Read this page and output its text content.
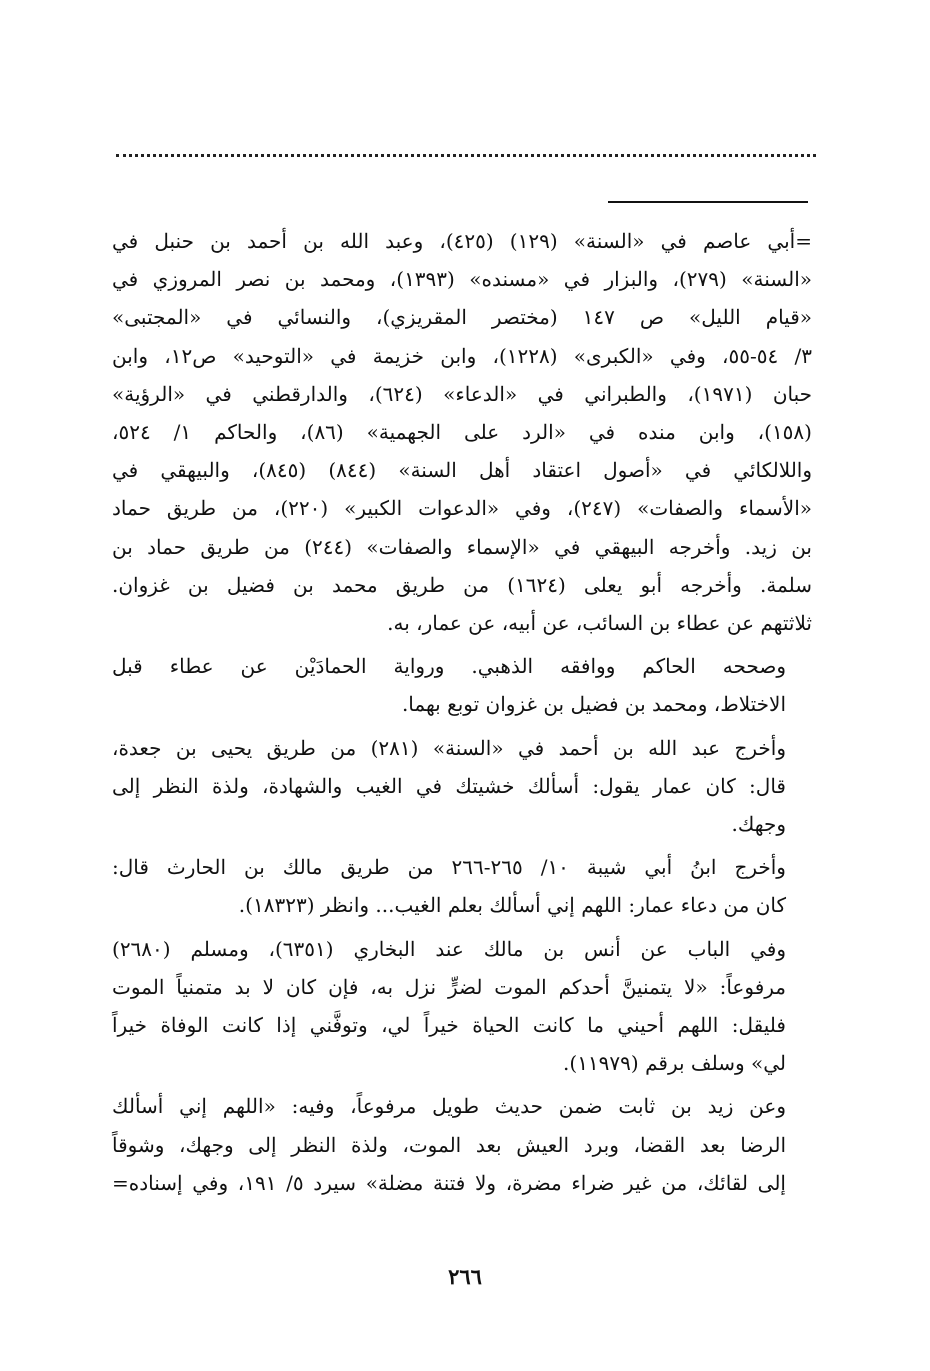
=أبي عاصم في «السنة» (١٢٩) (٤٢٥)، وعبد الله بن أحمد بن حنبل في
«السنة» (٢٧٩)، والبزار في «مسنده» (١٣٩٣)، ومحمد بن نصر المروزي في
«قيام الليل» ص ١٤٧ (مختصر المقريزي)، والنسائي في «المجتبى»
٣/ ٥٤-٥٥، وفي «الكبرى» (١٢٢٨)، وابن خزيمة في «التوحيد» ص١٢، وابن
حبان (١٩٧١)، والطبراني في «الدعاء» (٦٢٤)، والدارقطني في «الرؤية»
(١٥٨)، وابن منده في «الرد على الجهمية» (٨٦)، والحاكم ١/ ٥٢٤،
واللالكائي في «أصول اعتقاد أهل السنة» (٨٤٤) (٨٤٥)، والبيهقي في
«الأسماء والصفات» (٢٤٧)، وفي «الدعوات الكبير» (٢٢٠)، من طريق حماد
بن زيد. وأخرجه البيهقي في «الإسماء والصفات» (٢٤٤) من طريق حماد بن
سلمة. وأخرجه أبو يعلى (١٦٢٤) من طريق محمد بن فضيل بن غزوان.
ثلاثتهم عن عطاء بن السائب، عن أبيه، عن عمار، به.

وصححه الحاكم ووافقه الذهبي. ورواية الحمادَيْن عن عطاء قبل
الاختلاط، ومحمد بن فضيل بن غزوان توبع بهما.

وأخرج عبد الله بن أحمد في «السنة» (٢٨١) من طريق يحيى بن جعدة،
قال: كان عمار يقول: أسألك خشيتك في الغيب والشهادة، ولذة النظر إلى
وجهك.

وأخرج ابنُ أبي شيبة ١٠/ ٢٦٥-٢٦٦ من طريق مالك بن الحارث قال:
كان من دعاء عمار: اللهم إني أسألك بعلم الغيب... وانظر (١٨٣٢٣).

وفي الباب عن أنس بن مالك عند البخاري (٦٣٥١)، ومسلم (٢٦٨٠)
مرفوعاً: «لا يتمنينَّ أحدكم الموت لضرٍّ نزل به، فإن كان لا بد متمنياً الموت
فليقل: اللهم أحيني ما كانت الحياة خيراً لي، وتوفَّني إذا كانت الوفاة خيراً
لي» وسلف برقم (١١٩٧٩).

وعن زيد بن ثابت ضمن حديث طويل مرفوعاً، وفيه: «اللهم إني أسألك
الرضا بعد القضا، وبرد العيش بعد الموت، ولذة النظر إلى وجهك، وشوقاً
إلى لقائك، من غير ضراء مضرة، ولا فتنة مضلة» سيرد ٥/ ١٩١، وفي إسناده=

٢٦٦
